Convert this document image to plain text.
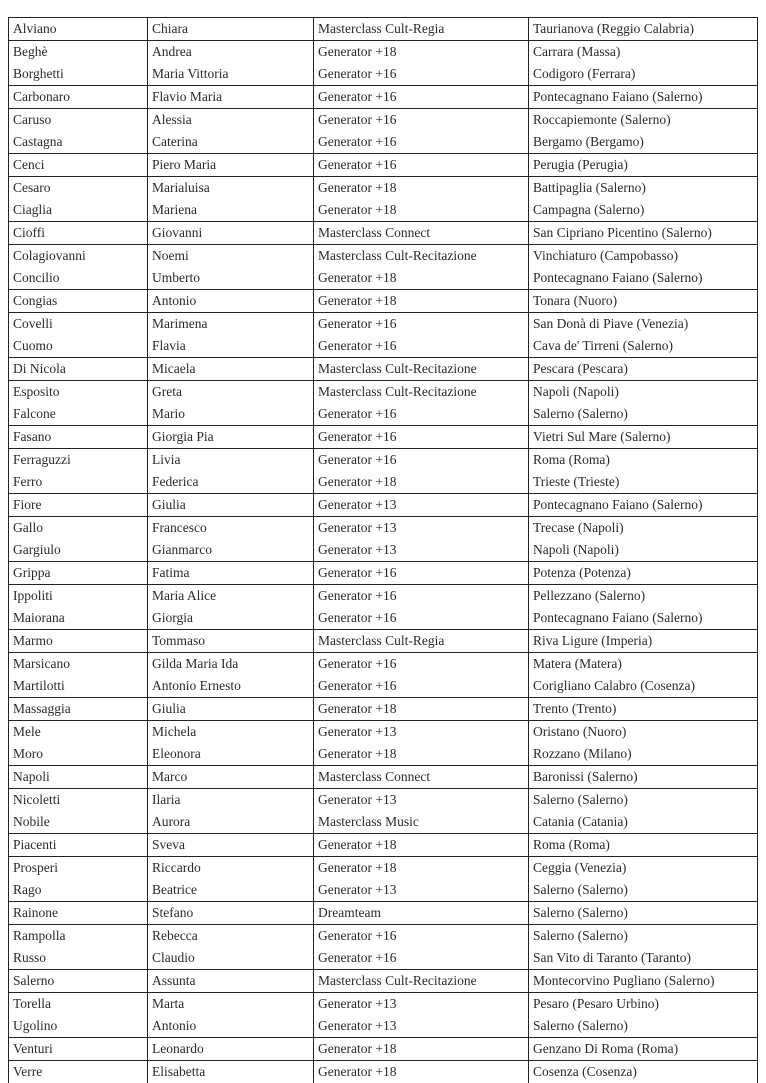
Alviano	Chiara	Masterclass Cult-Regia	Taurianova (Reggio Calabria)
Beghè	Andrea	Generator +18	Carrara (Massa)
Borghetti	Maria Vittoria	Generator +16	Codigoro (Ferrara)
Carbonaro	Flavio Maria	Generator +16	Pontecagnano Faiano (Salerno)
Caruso	Alessia	Generator +16	Roccapiemonte (Salerno)
Castagna	Caterina	Generator +16	Bergamo (Bergamo)
Cenci	Piero Maria	Generator +16	Perugia (Perugia)
Cesaro	Marialuisa	Generator +18	Battipaglia (Salerno)
Ciaglia	Mariena	Generator +18	Campagna (Salerno)
Cioffi	Giovanni	Masterclass Connect	San Cipriano Picentino (Salerno)
Colagiovanni	Noemi	Masterclass Cult-Recitazione	Vinchiaturo (Campobasso)
Concilio	Umberto	Generator +18	Pontecagnano Faiano (Salerno)
Congias	Antonio	Generator +18	Tonara (Nuoro)
Covelli	Marimena	Generator +16	San Donà di Piave (Venezia)
Cuomo	Flavia	Generator +16	Cava de' Tirreni (Salerno)
Di Nicola	Micaela	Masterclass Cult-Recitazione	Pescara (Pescara)
Esposito	Greta	Masterclass Cult-Recitazione	Napoli (Napoli)
Falcone	Mario	Generator +16	Salerno (Salerno)
Fasano	Giorgia Pia	Generator +16	Vietri Sul Mare (Salerno)
Ferraguzzi	Livia	Generator +16	Roma (Roma)
Ferro	Federica	Generator +18	Trieste (Trieste)
Fiore	Giulia	Generator +13	Pontecagnano Faiano (Salerno)
Gallo	Francesco	Generator +13	Trecase (Napoli)
Gargiulo	Gianmarco	Generator +13	Napoli (Napoli)
Grippa	Fatima	Generator +16	Potenza (Potenza)
Ippoliti	Maria Alice	Generator +16	Pellezzano (Salerno)
Maiorana	Giorgia	Generator +16	Pontecagnano Faiano (Salerno)
Marmo	Tommaso	Masterclass Cult-Regia	Riva Ligure (Imperia)
Marsicano	Gilda Maria Ida	Generator +16	Matera (Matera)
Martilotti	Antonio Ernesto	Generator +16	Corigliano Calabro (Cosenza)
Massaggia	Giulia	Generator +18	Trento (Trento)
Mele	Michela	Generator +13	Oristano (Nuoro)
Moro	Eleonora	Generator +18	Rozzano (Milano)
Napoli	Marco	Masterclass Connect	Baronissi (Salerno)
Nicoletti	Ilaria	Generator +13	Salerno (Salerno)
Nobile	Aurora	Masterclass Music	Catania (Catania)
Piacenti	Sveva	Generator +18	Roma (Roma)
Prosperi	Riccardo	Generator +18	Ceggia (Venezia)
Rago	Beatrice	Generator +13	Salerno (Salerno)
Rainone	Stefano	Dreamteam	Salerno (Salerno)
Rampolla	Rebecca	Generator +16	Salerno (Salerno)
Russo	Claudio	Generator +16	San Vito di Taranto (Taranto)
Salerno	Assunta	Masterclass Cult-Recitazione	Montecorvino Pugliano (Salerno)
Torella	Marta	Generator +13	Pesaro (Pesaro Urbino)
Ugolino	Antonio	Generator +13	Salerno (Salerno)
Venturi	Leonardo	Generator +18	Genzano Di Roma (Roma)
Verre	Elisabetta	Generator +18	Cosenza (Cosenza)
